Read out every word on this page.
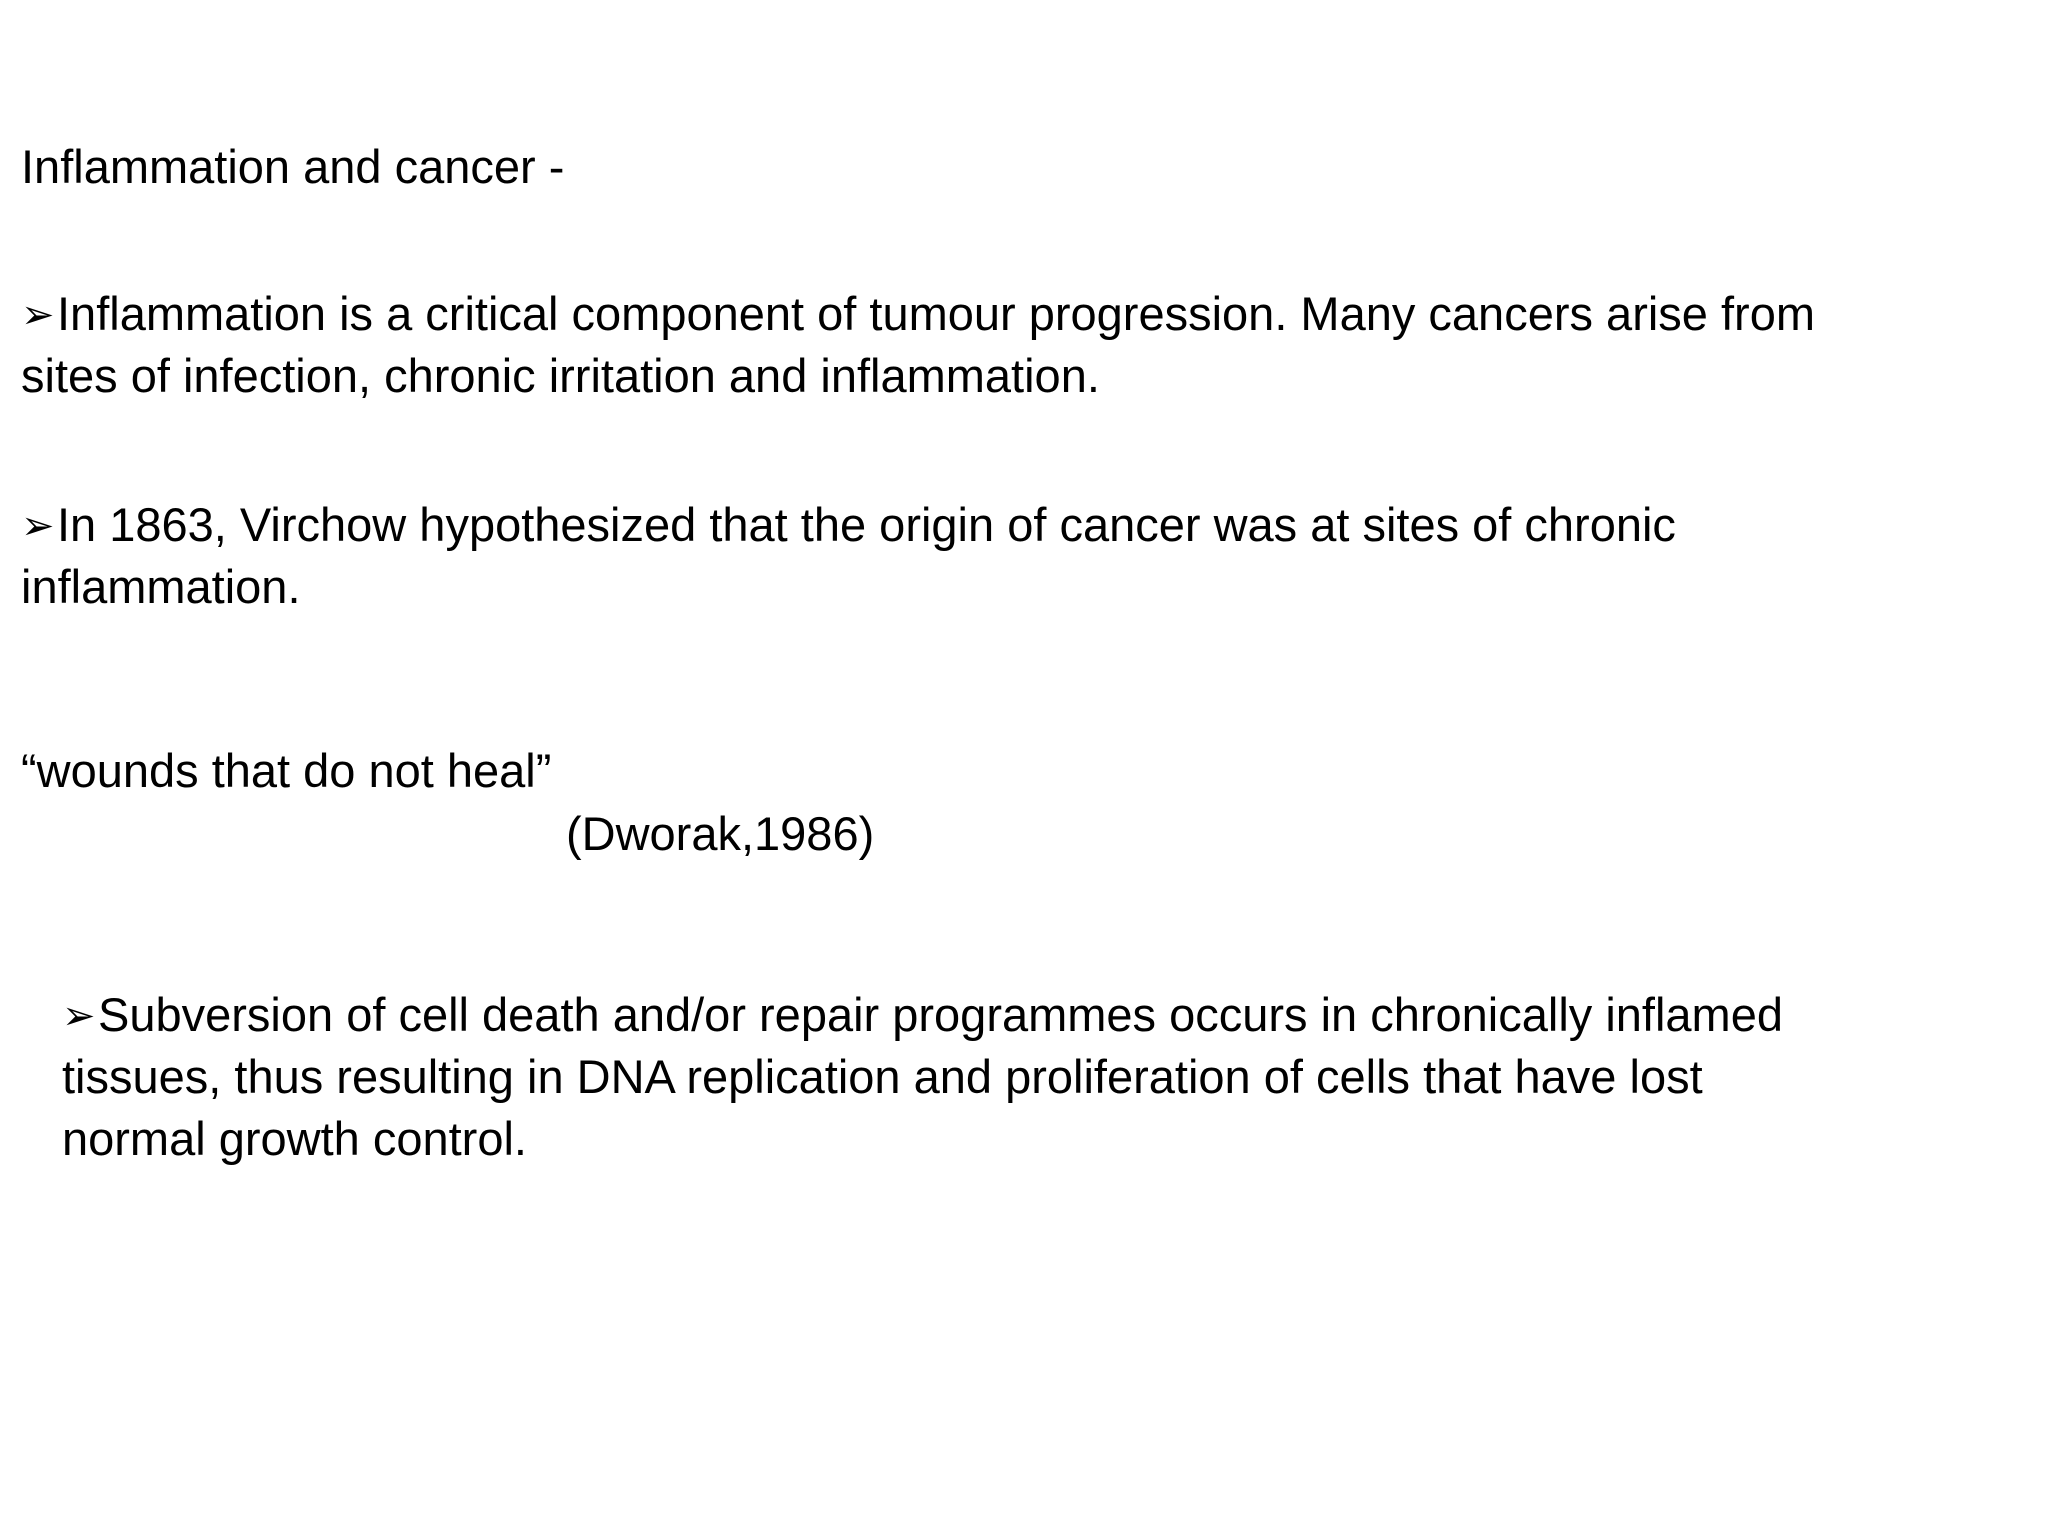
Inflammation and cancer -

➢Inflammation is a critical component of tumour progression. Many cancers arise from

sites of infection, chronic irritation and inflammation.

➢In 1863, Virchow hypothesized that the origin of cancer was at sites of chronic

inflammation.

“wounds that do not heal”

(Dworak,1986)

➢Subversion of cell death and/or repair programmes occurs in chronically inflamed

tissues, thus resulting in DNA replication and proliferation of cells that have lost

normal growth control.
